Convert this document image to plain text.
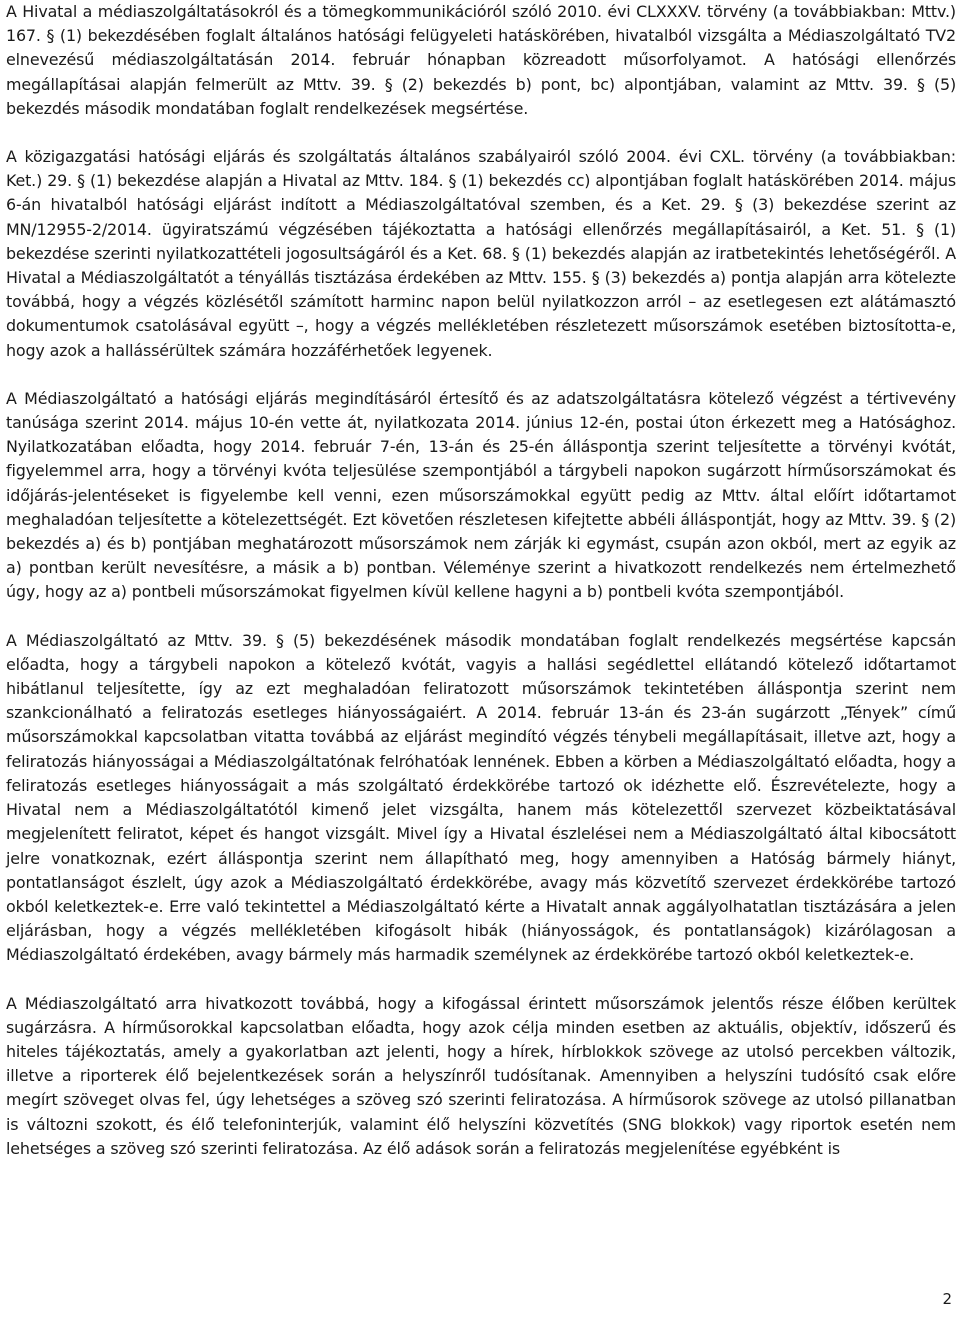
A Hivatal a médiaszolgáltatásokról és a tömegkommunikációról szóló 2010. évi CLXXXV. törvény (a továbbiakban: Mttv.) 167. § (1) bekezdésében foglalt általános hatósági felügyeleti hatáskörében, hivatalból vizsgálta a Médiaszolgáltató TV2 elnevezésű médiaszolgáltatásán 2014. február hónapban közreadott műsorfolyamot. A hatósági ellenőrzés megállapításai alapján felmerült az Mttv. 39. § (2) bekezdés b) pont, bc) alpontjában, valamint az Mttv. 39. § (5) bekezdés második mondatában foglalt rendelkezések megsértése.

A közigazgatási hatósági eljárás és szolgáltatás általános szabályairól szóló 2004. évi CXL. törvény (a továbbiakban: Ket.) 29. § (1) bekezdése alapján a Hivatal az Mttv. 184. § (1) bekezdés cc) alpontjában foglalt hatáskörében 2014. május 6-án hivatalból hatósági eljárást indított a Médiaszolgáltatóval szemben, és a Ket. 29. § (3) bekezdése szerint az MN/12955-2/2014. ügyiratszámú végzésében tájékoztatta a hatósági ellenőrzés megállapításairól, a Ket. 51. § (1) bekezdése szerinti nyilatkozattételi jogosultságáról és a Ket. 68. § (1) bekezdés alapján az iratbetekintés lehetőségéről. A Hivatal a Médiaszolgáltatót a tényállás tisztázása érdekében az Mttv. 155. § (3) bekezdés a) pontja alapján arra kötelezte továbbá, hogy a végzés közlésétől számított harminc napon belül nyilatkozzon arról – az esetlegesen ezt alátámasztó dokumentumok csatolásával együtt –, hogy a végzés mellékletében részletezett műsorszámok esetében biztosította-e, hogy azok a hallássérültek számára hozzáférhetőek legyenek.

A Médiaszolgáltató a hatósági eljárás megindításáról értesítő és az adatszolgáltatásra kötelező végzést a tértivevény tanúsága szerint 2014. május 10-én vette át, nyilatkozata 2014. június 12-én, postai úton érkezett meg a Hatósághoz. Nyilatkozatában előadta, hogy 2014. február 7-én, 13-án és 25-én álláspontja szerint teljesítette a törvényi kvótát, figyelemmel arra, hogy a törvényi kvóta teljesülése szempontjából a tárgybeli napokon sugárzott hírműsorszámokat és időjárás-jelentéseket is figyelembe kell venni, ezen műsorszámokkal együtt pedig az Mttv. által előírt időtartamot meghaladóan teljesítette a kötelezettségét. Ezt követően részletesen kifejtette abbéli álláspontját, hogy az Mttv. 39. § (2) bekezdés a) és b) pontjában meghatározott műsorszámok nem zárják ki egymást, csupán azon okból, mert az egyik az a) pontban került nevesítésre, a másik a b) pontban. Véleménye szerint a hivatkozott rendelkezés nem értelmezhető úgy, hogy az a) pontbeli műsorszámokat figyelmen kívül kellene hagyni a b) pontbeli kvóta szempontjából.

A Médiaszolgáltató az Mttv. 39. § (5) bekezdésének második mondatában foglalt rendelkezés megsértése kapcsán előadta, hogy a tárgybeli napokon a kötelező kvótát, vagyis a hallási segédlettel ellátandó kötelező időtartamot hibátlanul teljesítette, így az ezt meghaladóan feliratozott műsorszámok tekintetében álláspontja szerint nem szankcionálható a feliratozás esetleges hiányosságaiért. A 2014. február 13-án és 23-án sugárzott „Tények” című műsorszámokkal kapcsolatban vitatta továbbá az eljárást megindító végzés ténybeli megállapításait, illetve azt, hogy a feliratozás hiányosságai a Médiaszolgáltatónak felróhatóak lennének. Ebben a körben a Médiaszolgáltató előadta, hogy a feliratozás esetleges hiányosságait a más szolgáltató érdekkörébe tartozó ok idézhette elő. Észrevételezte, hogy a Hivatal nem a Médiaszolgáltatótól kimenő jelet vizsgálta, hanem más kötelezettől szervezet közbeiktatásával megjelenített feliratot, képet és hangot vizsgált. Mivel így a Hivatal észlelései nem a Médiaszolgáltató által kibocsátott jelre vonatkoznak, ezért álláspontja szerint nem állapítható meg, hogy amennyiben a Hatóság bármely hiányt, pontatlanságot észlelt, úgy azok a Médiaszolgáltató érdekkörébe, avagy más közvetítő szervezet érdekkörébe tartozó okból keletkeztek-e. Erre való tekintettel a Médiaszolgáltató kérte a Hivatalt annak aggályolhatatlan tisztázására a jelen eljárásban, hogy a végzés mellékletében kifogásolt hibák (hiányosságok, és pontatlanságok) kizárólagosan a Médiaszolgáltató érdekében, avagy bármely más harmadik személynek az érdekkörébe tartozó okból keletkeztek-e.

A Médiaszolgáltató arra hivatkozott továbbá, hogy a kifogással érintett műsorszámok jelentős része élőben kerültek sugárzásra. A hírműsorokkal kapcsolatban előadta, hogy azok célja minden esetben az aktuális, objektív, időszerű és hiteles tájékoztatás, amely a gyakorlatban azt jelenti, hogy a hírek, hírblokkok szövege az utolsó percekben változik, illetve a riporterek élő bejelentkezések során a helyszínről tudósítanak. Amennyiben a helyszíni tudósító csak előre megírt szöveget olvas fel, úgy lehetséges a szöveg szó szerinti feliratozása. A hírműsorok szövege az utolsó pillanatban is változni szokott, és élő telefoninterjúk, valamint élő helyszíni közvetítés (SNG blokkok) vagy riportok esetén nem lehetséges a szöveg szó szerinti feliratozása. Az élő adások során a feliratozás megjelenítése egyébként is

2
